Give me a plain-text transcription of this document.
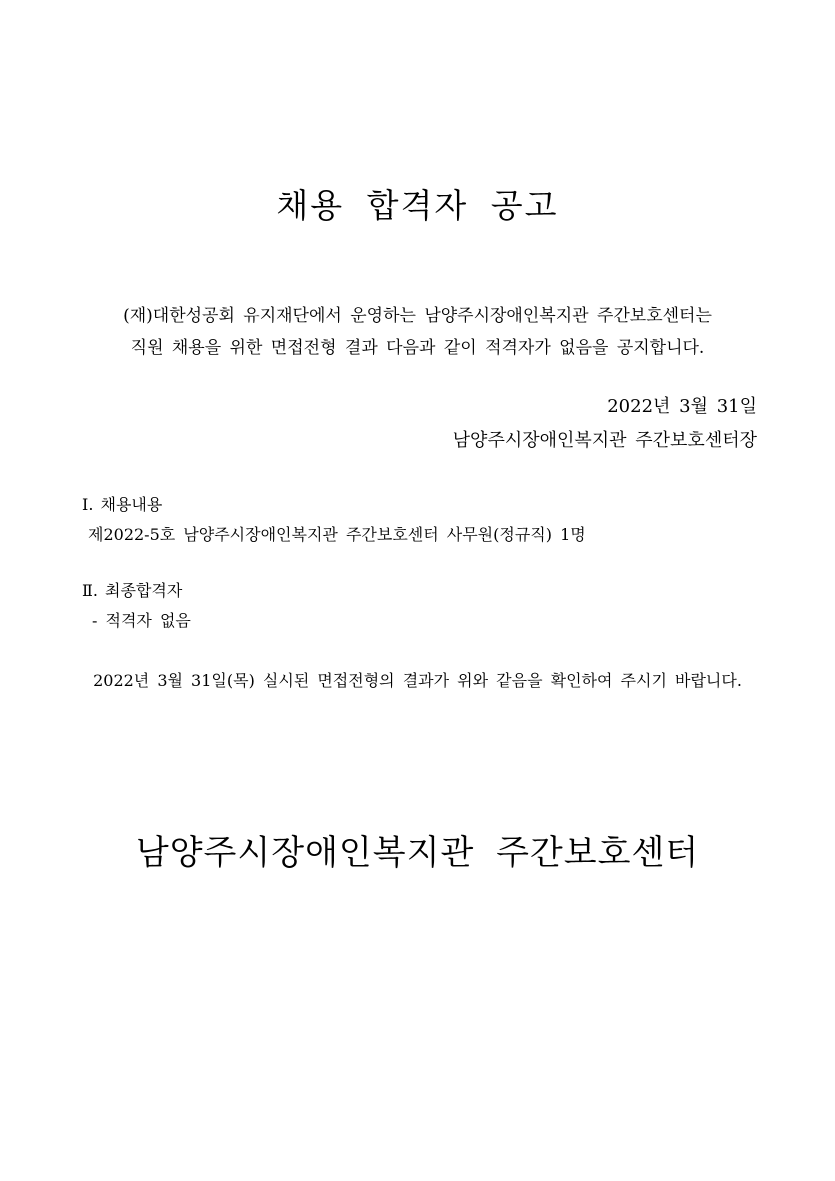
채용 합격자 공고

(재)대한성공회 유지재단에서 운영하는 남양주시장애인복지관 주간보호센터는
직원 채용을 위한 면접전형 결과 다음과 같이 적격자가 없음을 공지합니다.

2022년 3월 31일

남양주시장애인복지관 주간보호센터장

Ⅰ. 채용내용
제2022-5호 남양주시장애인복지관 주간보호센터 사무원(정규직) 1명
Ⅱ. 최종합격자
- 적격자 없음

2022년 3월 31일(목) 실시된 면접전형의 결과가 위와 같음을 확인하여 주시기 바랍니다.

남양주시장애인복지관 주간보호센터
